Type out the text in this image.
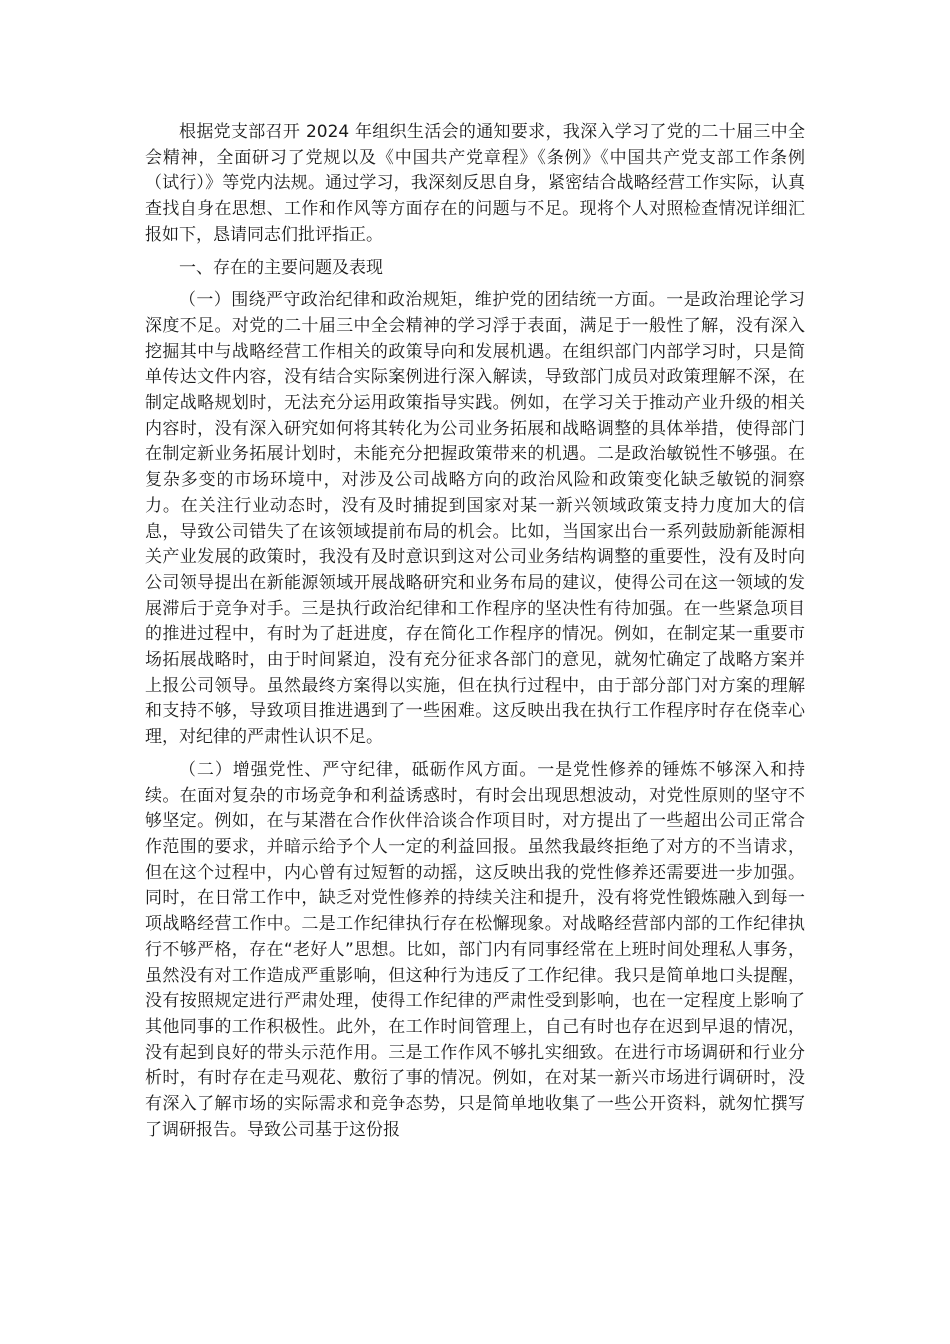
根据党支部召开 2024 年组织生活会的通知要求，我深入学习了党的二十届三中全会精神，全面研习了党规以及《中国共产党章程》《条例》《中国共产党支部工作条例（试行）》等党内法规。通过学习，我深刻反思自身，紧密结合战略经营工作实际，认真查找自身在思想、工作和作风等方面存在的问题与不足。现将个人对照检查情况详细汇报如下，恳请同志们批评指正。

一、存在的主要问题及表现

（一）围绕严守政治纪律和政治规矩，维护党的团结统一方面。一是政治理论学习深度不足。对党的二十届三中全会精神的学习浮于表面，满足于一般性了解，没有深入挖掘其中与战略经营工作相关的政策导向和发展机遇。在组织部门内部学习时，只是简单传达文件内容，没有结合实际案例进行深入解读，导致部门成员对政策理解不深，在制定战略规划时，无法充分运用政策指导实践。例如，在学习关于推动产业升级的相关内容时，没有深入研究如何将其转化为公司业务拓展和战略调整的具体举措，使得部门在制定新业务拓展计划时，未能充分把握政策带来的机遇。二是政治敏锐性不够强。在复杂多变的市场环境中，对涉及公司战略方向的政治风险和政策变化缺乏敏锐的洞察力。在关注行业动态时，没有及时捕捉到国家对某一新兴领域政策支持力度加大的信息，导致公司错失了在该领域提前布局的机会。比如，当国家出台一系列鼓励新能源相关产业发展的政策时，我没有及时意识到这对公司业务结构调整的重要性，没有及时向公司领导提出在新能源领域开展战略研究和业务布局的建议，使得公司在这一领域的发展滞后于竞争对手。三是执行政治纪律和工作程序的坚决性有待加强。在一些紧急项目的推进过程中，有时为了赶进度，存在简化工作程序的情况。例如，在制定某一重要市场拓展战略时，由于时间紧迫，没有充分征求各部门的意见，就匆忙确定了战略方案并上报公司领导。虽然最终方案得以实施，但在执行过程中，由于部分部门对方案的理解和支持不够，导致项目推进遇到了一些困难。这反映出我在执行工作程序时存在侥幸心理，对纪律的严肃性认识不足。

（二）增强党性、严守纪律，砥砺作风方面。一是党性修养的锤炼不够深入和持续。在面对复杂的市场竞争和利益诱惑时，有时会出现思想波动，对党性原则的坚守不够坚定。例如，在与某潜在合作伙伴洽谈合作项目时，对方提出了一些超出公司正常合作范围的要求，并暗示给予个人一定的利益回报。虽然我最终拒绝了对方的不当请求，但在这个过程中，内心曾有过短暂的动摇，这反映出我的党性修养还需要进一步加强。同时，在日常工作中，缺乏对党性修养的持续关注和提升，没有将党性锻炼融入到每一项战略经营工作中。二是工作纪律执行存在松懈现象。对战略经营部内部的工作纪律执行不够严格，存在“老好人”思想。比如，部门内有同事经常在上班时间处理私人事务，虽然没有对工作造成严重影响，但这种行为违反了工作纪律。我只是简单地口头提醒，没有按照规定进行严肃处理，使得工作纪律的严肃性受到影响，也在一定程度上影响了其他同事的工作积极性。此外，在工作时间管理上，自己有时也存在迟到早退的情况，没有起到良好的带头示范作用。三是工作作风不够扎实细致。在进行市场调研和行业分析时，有时存在走马观花、敷衍了事的情况。例如，在对某一新兴市场进行调研时，没有深入了解市场的实际需求和竞争态势，只是简单地收集了一些公开资料，就匆忙撰写了调研报告。导致公司基于这份报
